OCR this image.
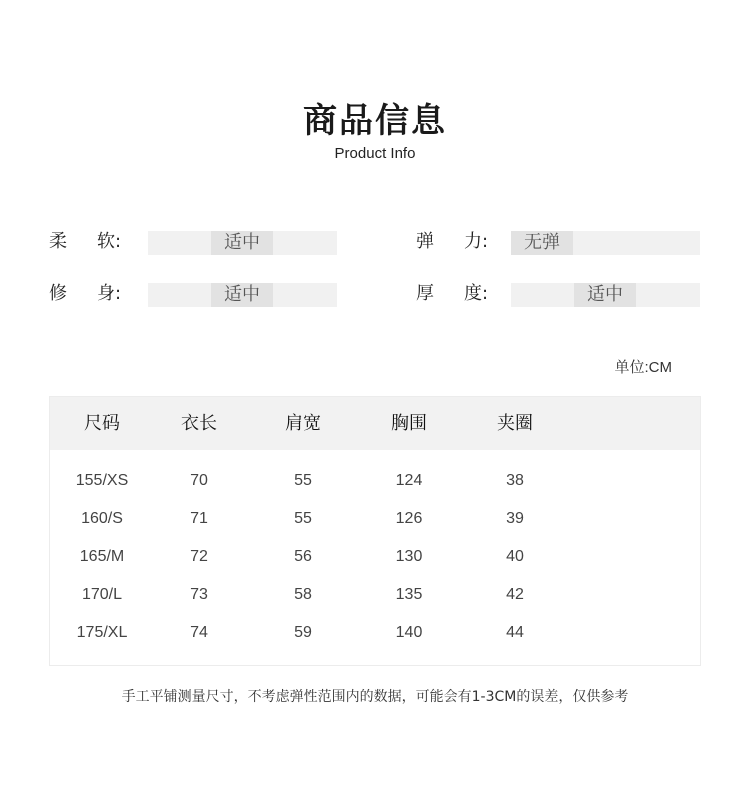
商品信息
Product Info
柔 软:	适中	弹 力:	无弹
修 身:	适中	厚 度:	适中
单位:CM
尺码	衣长	肩宽	胸围	夹圈
155/XS	70	55	124	38
160/S	71	55	126	39
165/M	72	56	130	40
170/L	73	58	135	42
175/XL	74	59	140	44
手工平铺测量尺寸，不考虑弹性范围内的数据，可能会有1-3CM的误差，仅供参考
